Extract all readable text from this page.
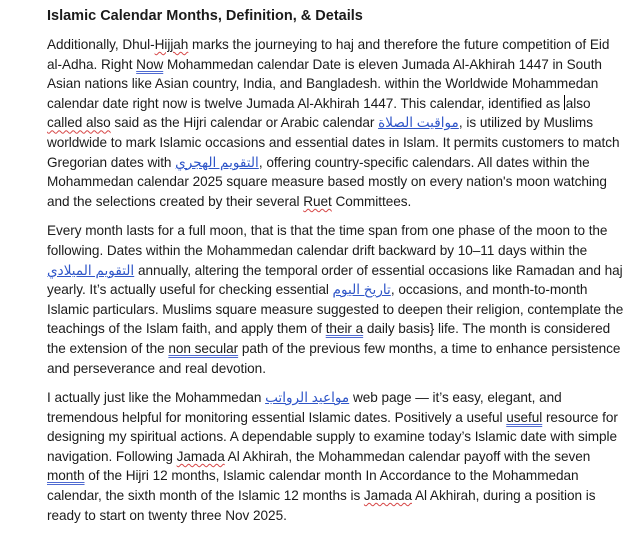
Islamic Calendar Months, Definition, & Details

Additionally, Dhul-Hijjah marks the journeying to haj and therefore the future competition of Eid al-Adha. Right Now Mohammedan calendar Date is eleven Jumada Al-Akhirah 1447 in South Asian nations like Asian country, India, and Bangladesh. within the Worldwide Mohammedan calendar date right now is twelve Jumada Al-Akhirah 1447. This calendar, identified as also called also said as the Hijri calendar or Arabic calendar مواقيت الصلاة, is utilized by Muslims worldwide to mark Islamic occasions and essential dates in Islam. It permits customers to match Gregorian dates with التقويم الهجري, offering country-specific calendars. All dates within the Mohammedan calendar 2025 square measure based mostly on every nation's moon watching and the selections created by their several Ruet Committees.

Every month lasts for a full moon, that is that the time span from one phase of the moon to the following. Dates within the Mohammedan calendar drift backward by 10–11 days within the التقويم الميلادي annually, altering the temporal order of essential occasions like Ramadan and haj yearly. It’s actually useful for checking essential تاريخ اليوم, occasions, and month-to-month Islamic particulars. Muslims square measure suggested to deepen their religion, contemplate the teachings of the Islam faith, and apply them of their a daily basis} life. The month is considered the extension of the non secular path of the previous few months, a time to enhance persistence and perseverance and real devotion.

I actually just like the Mohammedan مواعيد الرواتب web page — it’s easy, elegant, and tremendous helpful for monitoring essential Islamic dates. Positively a useful useful resource for designing my spiritual actions. A dependable supply to examine today’s Islamic date with simple navigation. Following Jamada Al Akhirah, the Mohammedan calendar payoff with the seven month of the Hijri 12 months, Islamic calendar month In Accordance to the Mohammedan calendar, the sixth month of the Islamic 12 months is Jamada Al Akhirah, during a position is ready to start on twenty three Nov 2025.
